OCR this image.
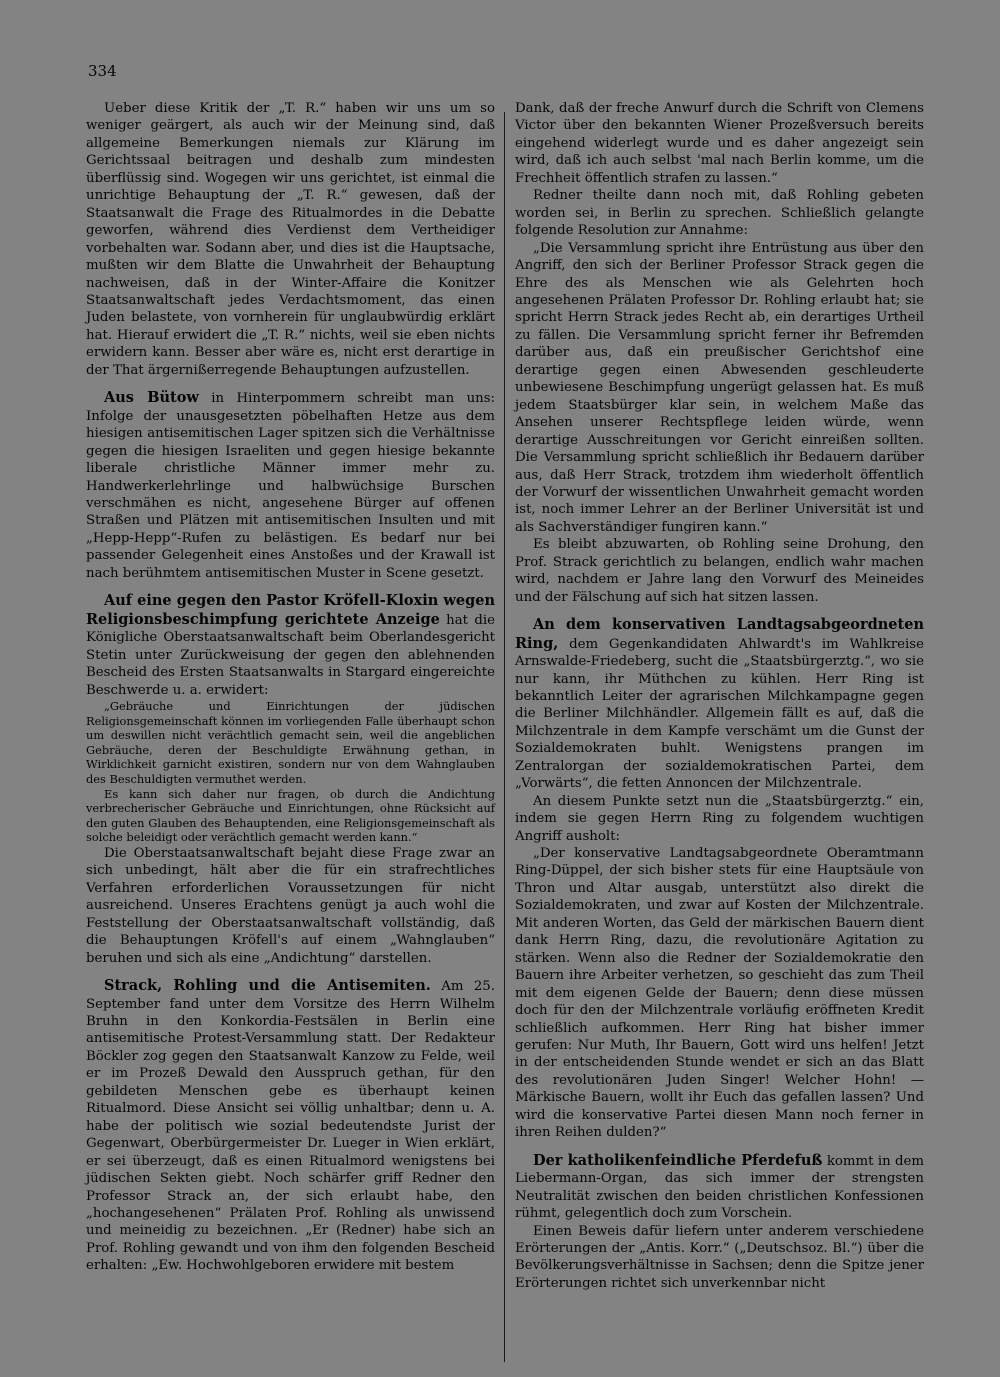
334

Ueber diese Kritik der „T. R.“ haben wir uns um so weniger geärgert, als auch wir der Meinung sind, daß allgemeine Bemerkungen niemals zur Klärung im Gerichtssaal beitragen und deshalb zum mindesten überflüssig sind. Wogegen wir uns gerichtet, ist einmal die unrichtige Behauptung der „T. R.“ gewesen, daß der Staatsanwalt die Frage des Ritualmordes in die Debatte geworfen, während dies Verdienst dem Vertheidiger vorbehalten war. Sodann aber, und dies ist die Hauptsache, mußten wir dem Blatte die Unwahrheit der Behauptung nachweisen, daß in der Winter-Affaire die Konitzer Staatsanwaltschaft jedes Verdachtsmoment, das einen Juden belastete, von vornherein für unglaubwürdig erklärt hat. Hierauf erwidert die „T. R.“ nichts, weil sie eben nichts erwidern kann. Besser aber wäre es, nicht erst derartige in der That ärgernißerregende Behauptungen aufzustellen.

Aus Bütow in Hinterpommern schreibt man uns: Infolge der unausgesetzten pöbelhaften Hetze aus dem hiesigen antisemitischen Lager spitzen sich die Verhältnisse gegen die hiesigen Israeliten und gegen hiesige bekannte liberale christliche Männer immer mehr zu. Handwerkerlehrlinge und halbwüchsige Burschen verschmähen es nicht, angesehene Bürger auf offenen Straßen und Plätzen mit antisemitischen Insulten und mit „Hepp-Hepp“-Rufen zu belästigen. Es bedarf nur bei passender Gelegenheit eines Anstoßes und der Krawall ist nach berühmtem antisemitischen Muster in Scene gesetzt.

Auf eine gegen den Pastor Kröfell-Kloxin wegen Religionsbeschimpfung gerichtete Anzeige hat die Königliche Oberstaatsanwaltschaft beim Oberlandesgericht Stetin unter Zurückweisung der gegen den ablehnenden Bescheid des Ersten Staatsanwalts in Stargard eingereichte Beschwerde u. a. erwidert:

„Gebräuche und Einrichtungen der jüdischen Religionsgemeinschaft können im vorliegenden Falle überhaupt schon um deswillen nicht verächtlich gemacht sein, weil die angeblichen Gebräuche, deren der Beschuldigte Erwähnung gethan, in Wirklichkeit garnicht existiren, sondern nur von dem Wahnglauben des Beschuldigten vermuthet werden.

Es kann sich daher nur fragen, ob durch die Andichtung verbrecherischer Gebräuche und Einrichtungen, ohne Rücksicht auf den guten Glauben des Behauptenden, eine Religionsgemeinschaft als solche beleidigt oder verächtlich gemacht werden kann.“

Die Oberstaatsanwaltschaft bejaht diese Frage zwar an sich unbedingt, hält aber die für ein strafrechtliches Verfahren erforderlichen Voraussetzungen für nicht ausreichend. Unseres Erachtens genügt ja auch wohl die Feststellung der Oberstaatsanwaltschaft vollständig, daß die Behauptungen Kröfell's auf einem „Wahnglauben“ beruhen und sich als eine „Andichtung“ darstellen.

Strack, Rohling und die Antisemiten. Am 25. September fand unter dem Vorsitze des Herrn Wilhelm Bruhn in den Konkordia-Festsälen in Berlin eine antisemitische Protest-Versammlung statt. Der Redakteur Böckler zog gegen den Staatsanwalt Kanzow zu Felde, weil er im Prozeß Dewald den Ausspruch gethan, für den gebildeten Menschen gebe es überhaupt keinen Ritualmord. Diese Ansicht sei völlig unhaltbar; denn u. A. habe der politisch wie sozial bedeutendste Jurist der Gegenwart, Oberbürgermeister Dr. Lueger in Wien erklärt, er sei überzeugt, daß es einen Ritualmord wenigstens bei jüdischen Sekten giebt. Noch schärfer griff Redner den Professor Strack an, der sich erlaubt habe, den „hochangesehenen“ Prälaten Prof. Rohling als unwissend und meineidig zu bezeichnen. „Er (Redner) habe sich an Prof. Rohling gewandt und von ihm den folgenden Bescheid erhalten: „Ew. Hochwohlgeboren erwidere mit bestem

Dank, daß der freche Anwurf durch die Schrift von Clemens Victor über den bekannten Wiener Prozeßversuch bereits eingehend widerlegt wurde und es daher angezeigt sein wird, daß ich auch selbst 'mal nach Berlin komme, um die Frechheit öffentlich strafen zu lassen.“

Redner theilte dann noch mit, daß Rohling gebeten worden sei, in Berlin zu sprechen. Schließlich gelangte folgende Resolution zur Annahme:

„Die Versammlung spricht ihre Entrüstung aus über den Angriff, den sich der Berliner Professor Strack gegen die Ehre des als Menschen wie als Gelehrten hoch angesehenen Prälaten Professor Dr. Rohling erlaubt hat; sie spricht Herrn Strack jedes Recht ab, ein derartiges Urtheil zu fällen. Die Versammlung spricht ferner ihr Befremden darüber aus, daß ein preußischer Gerichtshof eine derartige gegen einen Abwesenden geschleuderte unbewiesene Beschimpfung ungerügt gelassen hat. Es muß jedem Staatsbürger klar sein, in welchem Maße das Ansehen unserer Rechtspflege leiden würde, wenn derartige Ausschreitungen vor Gericht einreißen sollten. Die Versammlung spricht schließlich ihr Bedauern darüber aus, daß Herr Strack, trotzdem ihm wiederholt öffentlich der Vorwurf der wissentlichen Unwahrheit gemacht worden ist, noch immer Lehrer an der Berliner Universität ist und als Sachverständiger fungiren kann.“

Es bleibt abzuwarten, ob Rohling seine Drohung, den Prof. Strack gerichtlich zu belangen, endlich wahr machen wird, nachdem er Jahre lang den Vorwurf des Meineides und der Fälschung auf sich hat sitzen lassen.

An dem konservativen Landtagsabgeordneten Ring, dem Gegenkandidaten Ahlwardt's im Wahlkreise Arnswalde-Friedeberg, sucht die „Staatsbürgerztg.“, wo sie nur kann, ihr Müthchen zu kühlen. Herr Ring ist bekanntlich Leiter der agrarischen Milchkampagne gegen die Berliner Milchhändler. Allgemein fällt es auf, daß die Milchzentrale in dem Kampfe verschämt um die Gunst der Sozialdemokraten buhlt. Wenigstens prangen im Zentralorgan der sozialdemokratischen Partei, dem „Vorwärts“, die fetten Annoncen der Milchzentrale.

An diesem Punkte setzt nun die „Staatsbürgerztg.“ ein, indem sie gegen Herrn Ring zu folgendem wuchtigen Angriff ausholt:

„Der konservative Landtagsabgeordnete Oberamtmann Ring-Düppel, der sich bisher stets für eine Hauptsäule von Thron und Altar ausgab, unterstützt also direkt die Sozialdemokraten, und zwar auf Kosten der Milchzentrale. Mit anderen Worten, das Geld der märkischen Bauern dient dank Herrn Ring, dazu, die revolutionäre Agitation zu stärken. Wenn also die Redner der Sozialdemokratie den Bauern ihre Arbeiter verhetzen, so geschieht das zum Theil mit dem eigenen Gelde der Bauern; denn diese müssen doch für den der Milchzentrale vorläufig eröffneten Kredit schließlich aufkommen. Herr Ring hat bisher immer gerufen: Nur Muth, Ihr Bauern, Gott wird uns helfen! Jetzt in der entscheidenden Stunde wendet er sich an das Blatt des revolutionären Juden Singer! Welcher Hohn! — Märkische Bauern, wollt ihr Euch das gefallen lassen? Und wird die konservative Partei diesen Mann noch ferner in ihren Reihen dulden?“

Der katholikenfeindliche Pferdefuß kommt in dem Liebermann-Organ, das sich immer der strengsten Neutralität zwischen den beiden christlichen Konfessionen rühmt, gelegentlich doch zum Vorschein.

Einen Beweis dafür liefern unter anderem verschiedene Erörterungen der „Antis. Korr.“ („Deutschsoz. Bl.“) über die Bevölkerungsverhältnisse in Sachsen; denn die Spitze jener Erörterungen richtet sich unverkennbar nicht
